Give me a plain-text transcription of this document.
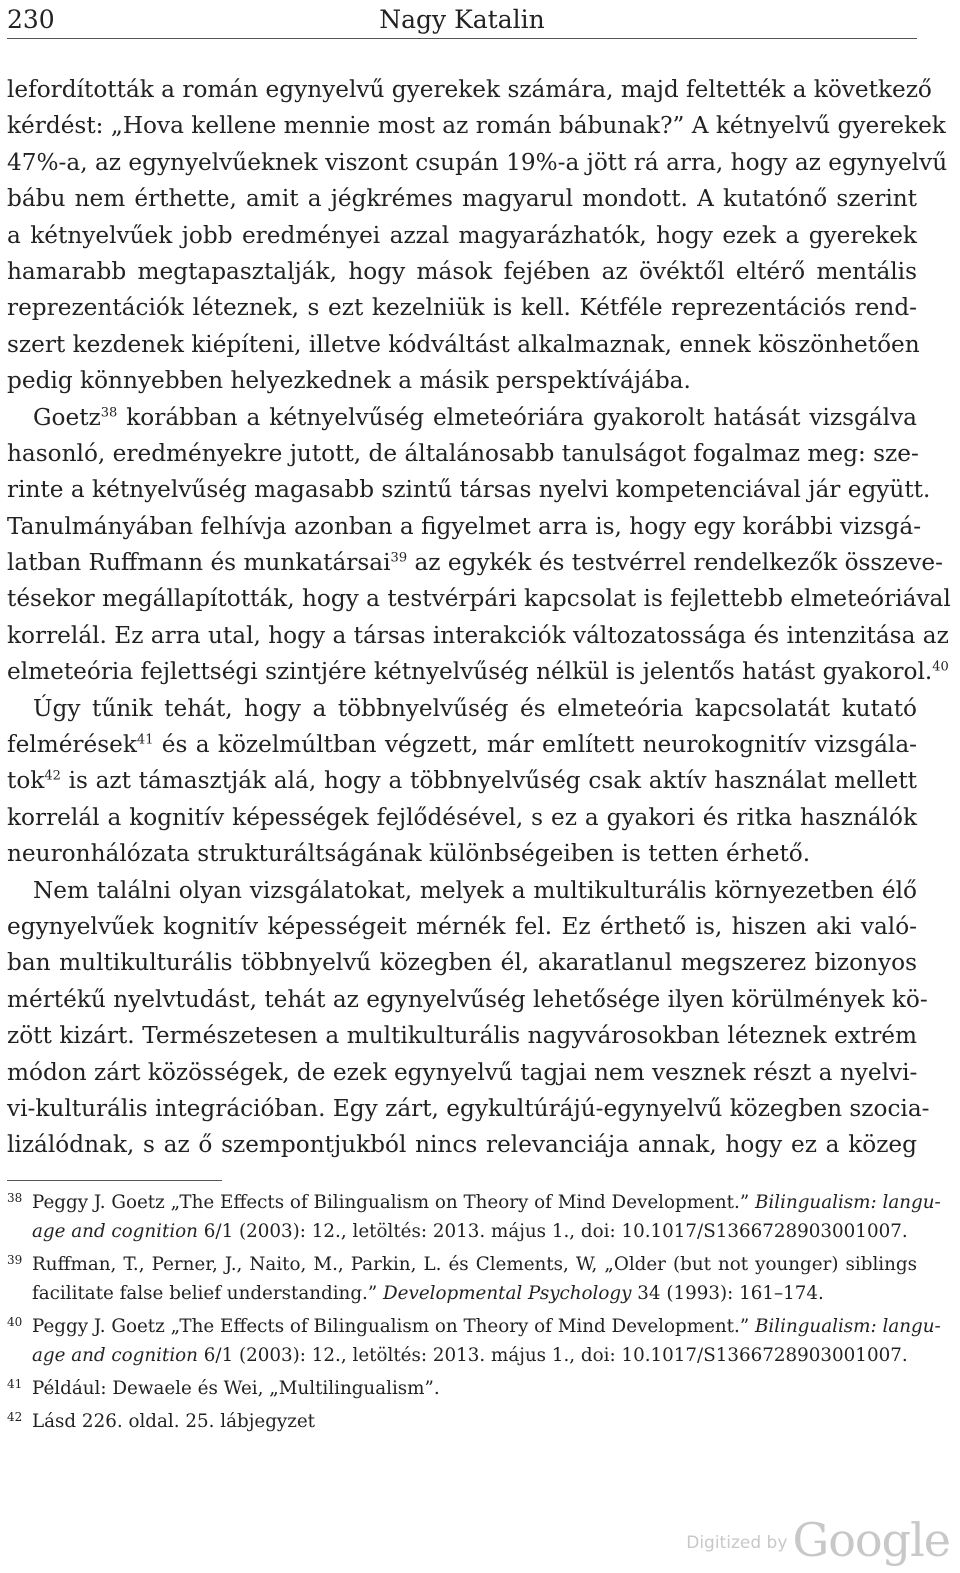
230	Nagy Katalin
lefordították a román egynyelvű gyerekek számára, majd feltették a következő
kérdést: „Hova kellene mennie most az román bábunak?” A kétnyelvű gyerekek
47%-a, az egynyelvűeknek viszont csupán 19%-a jött rá arra, hogy az egynyelvű
bábu nem érthette, amit a jégkrémes magyarul mondott. A kutatónő szerint
a kétnyelvűek jobb eredményei azzal magyarázhatók, hogy ezek a gyerekek
hamarabb megtapasztalják, hogy mások fejében az övéktől eltérő mentális
reprezentációk léteznek, s ezt kezelniük is kell. Kétféle reprezentációs rend-
szert kezdenek kiépíteni, illetve kódváltást alkalmaznak, ennek köszönhetően
pedig könnyebben helyezkednek a másik perspektívájába.
Goetz$^{38}$ korábban a kétnyelvűség elmeteóriára gyakorolt hatását vizsgálva
hasonló, eredményekre jutott, de általánosabb tanulságot fogalmaz meg: sze-
rinte a kétnyelvűség magasabb szintű társas nyelvi kompetenciával jár együtt.
Tanulmányában felhívja azonban a figyelmet arra is, hogy egy korábbi vizsgá-
latban Ruffmann és munkatársai$^{39}$ az egykék és testvérrel rendelkezők összeve-
tésekor megállapították, hogy a testvérpári kapcsolat is fejlettebb elmeteóriával
korrelál. Ez arra utal, hogy a társas interakciók változatossága és intenzitása az
elmeteória fejlettségi szintjére kétnyelvűség nélkül is jelentős hatást gyakorol.$^{40}$
Úgy tűnik tehát, hogy a többnyelvűség és elmeteória kapcsolatát kutató
felmérések$^{41}$ és a közelmúltban végzett, már említett neurokognitív vizsgála-
tok$^{42}$ is azt támasztják alá, hogy a többnyelvűség csak aktív használat mellett
korrelál a kognitív képességek fejlődésével, s ez a gyakori és ritka használók
neuronhálózata strukturáltságának különbségeiben is tetten érhető.
Nem találni olyan vizsgálatokat, melyek a multikulturális környezetben élő
egynyelvűek kognitív képességeit mérnék fel. Ez érthető is, hiszen aki való-
ban multikulturális többnyelvű közegben él, akaratlanul megszerez bizonyos
mértékű nyelvtudást, tehát az egynyelvűség lehetősége ilyen körülmények kö-
zött kizárt. Természetesen a multikulturális nagyvárosokban léteznek extrém
módon zárt közösségek, de ezek egynyelvű tagjai nem vesznek részt a nyelvi-
vi-kulturális integrációban. Egy zárt, egykultúrájú-egynyelvű közegben szocia-
lizálódnak, s az ő szempontjukból nincs relevanciája annak, hogy ez a közeg
38 Peggy J. Goetz „The Effects of Bilingualism on Theory of Mind Development.” Bilingualism: langu-
age and cognition 6/1 (2003): 12., letöltés: 2013. május 1., doi: 10.1017/S1366728903001007.
39 Ruffman, T., Perner, J., Naito, M., Parkin, L. és Clements, W, „Older (but not younger) siblings
facilitate false belief understanding.” Developmental Psychology 34 (1993): 161–174.
40 Peggy J. Goetz „The Effects of Bilingualism on Theory of Mind Development.” Bilingualism: langu-
age and cognition 6/1 (2003): 12., letöltés: 2013. május 1., doi: 10.1017/S1366728903001007.
41 Például: Dewaele és Wei, „Multilingualism”.
42 Lásd 226. oldal. 25. lábjegyzet
Digitized by Google
